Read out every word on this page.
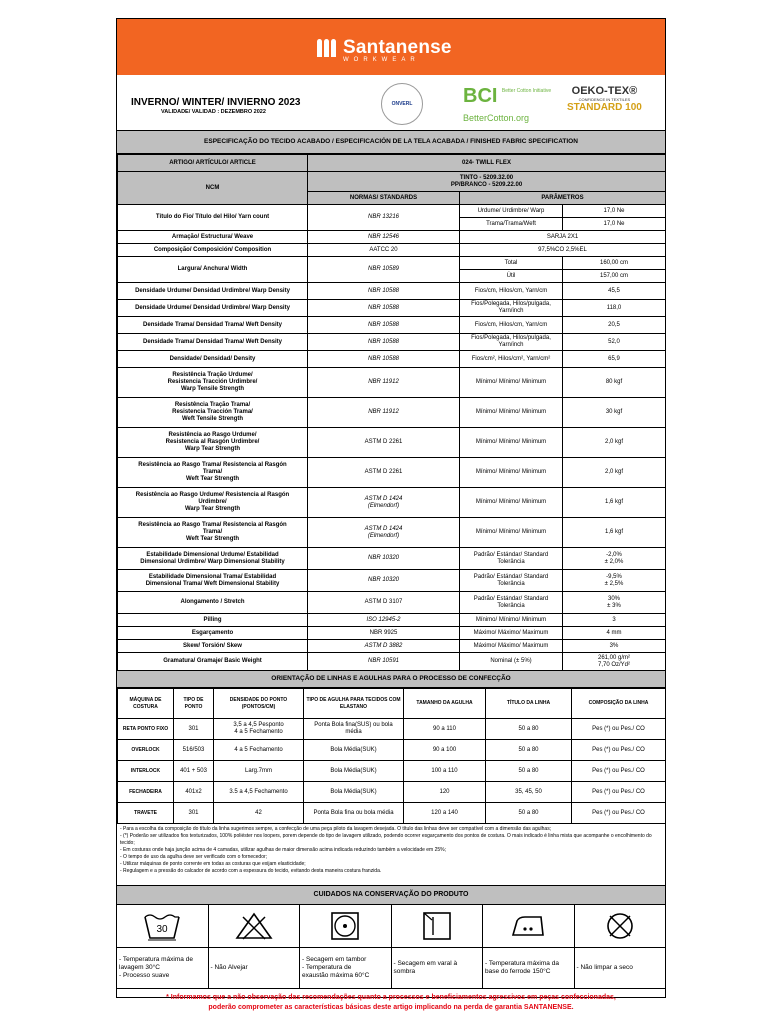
Santanense
WORKWEAR
INVERNO/ WINTER/ INVIERNO 2023
VALIDADE/ VALIDAD : DEZEMBRO 2022
ONVERL	BCI Better Cotton Initiative
BetterCotton.org
OEKO-TEX®
CONFIDENCE IN TEXTILES
STANDARD 100
ESPECIFICAÇÃO DO TECIDO ACABADO / ESPECIFICACIÓN DE LA TELA ACABADA / FINISHED FABRIC SPECIFICATION
ARTIGO/ ARTÍCULO/ ARTICLE	024- TWILL FLEX		
NCM	TINTO - 5209.32.00
PP/BRANCO - 5209.22.00		
	NORMAS/ STANDARDS	PARÂMETROS	
Título do Fio/ Título del Hilo/ Yarn count	NBR 13216	Urdume/ Urdimbre/ Warp	17,0 Ne
		Trama/Trama/Weft	17,0 Ne
Armação/ Estructura/ Weave	NBR 12546	SARJA 2X1	
Composição/ Composición/ Composition	AATCC 20	97,5%CO 2,5%EL	
Largura/ Anchura/ Width	NBR 10589	Total	160,00 cm
		Útil	157,00 cm
Densidade Urdume/ Densidad Urdimbre/ Warp Density	NBR 10588	Fios/cm, Hilos/cm, Yarn/cm	45,5
Densidade Urdume/ Densidad Urdimbre/ Warp Density	NBR 10588	Fios/Polegada, Hilos/pulgada, Yarn/inch	118,0
Densidade Trama/ Densidad Trama/ Weft Density	NBR 10588	Fios/cm, Hilos/cm, Yarn/cm	20,5
Densidade Trama/ Densidad Trama/ Weft Density	NBR 10588	Fios/Polegada, Hilos/pulgada, Yarn/inch	52,0
Densidade/ Densidad/ Density	NBR 10588	Fios/cm², Hilos/cm², Yarn/cm²	65,9
Resistência Tração Urdume/
Resistencia Tracción Urdimbre/
Warp Tensile Strength	NBR 11912	Mínimo/ Mínimo/ Minimum	80 kgf
Resistência Tração Trama/
Resistencia Tracción Trama/
Weft Tensile Strength	NBR 11912	Mínimo/ Mínimo/ Minimum	30 kgf
Resistência ao Rasgo Urdume/
Resistencia al Rasgón Urdimbre/
Warp Tear Strength	ASTM D 2261	Mínimo/ Mínimo/ Minimum	2,0 kgf
Resistência ao Rasgo Trama/ Resistencia al Rasgón
Trama/
Weft Tear Strength	ASTM D 2261	Mínimo/ Mínimo/ Minimum	2,0 kgf
Resistência ao Rasgo Urdume/ Resistencia al Rasgón
Urdimbre/
Warp Tear Strength	ASTM D 1424
(Elmendorf)	Mínimo/ Mínimo/ Minimum	1,6 kgf
Resistência ao Rasgo Trama/ Resistencia al Rasgón
Trama/
Weft Tear Strength	ASTM D 1424
(Elmendorf)	Mínimo/ Mínimo/ Minimum	1,6 kgf
Estabilidade Dimensional Urdume/ Estabilidad
Dimensional Urdimbre/ Warp Dimensional Stability	NBR 10320	Padrão/ Estándar/ Standard
Tolerância	-2,0%
± 2,0%
Estabilidade Dimensional Trama/ Estabilidad
Dimensional Trama/ Weft Dimensional Stability	NBR 10320	Padrão/ Estándar/ Standard
Tolerância	-9,5%
± 2,5%
Alongamento / Stretch	ASTM D 3107	Padrão/ Estándar/ Standard
Tolerância	30%
± 3%
Pilling	ISO 12945-2	Mínimo/ Mínimo/ Minimum	3
Esgarçamento	NBR 9925	Máximo/ Máximo/ Maximum	4 mm
Skew/ Torsión/ Skew	ASTM D 3882	Máximo/ Máximo/ Maximum	3%
Gramatura/ Gramaje/ Basic Weight	NBR 10591	Nominal (± 5%)	261,00 g/m²
7,70 Oz/Yd²
ORIENTAÇÃO DE LINHAS E AGULHAS PARA O PROCESSO DE CONFECÇÃO
MÁQUINA DE COSTURA	TIPO DE PONTO	DENSIDADE DO PONTO (PONTOS/CM)	TIPO DE AGULHA PARA TECIDOS COM ELASTANO	TAMANHO DA AGULHA	TÍTULO DA LINHA	COMPOSIÇÃO DA LINHA
RETA PONTO FIXO	301	3,5 a 4,5 Pesponto
4 a 5 Fechamento	Ponta Bola fina(SUS) ou bola média	90 a 110	50 a 80	Pes (*) ou Pes./ CO
OVERLOCK	516/503	4 a 5 Fechamento	Bola Média(SUK)	90 a 100	50 a 80	Pes (*) ou Pes./ CO
INTERLOCK	401 + 503	Larg.7mm	Bola Média(SUK)	100 a 110	50 a 80	Pes (*) ou Pes./ CO
FECHADEIRA	401x2	3.5 a 4,5 Fechamento	Bola Média(SUK)	120	35, 45, 50	Pes (*) ou Pes./ CO
TRAVETE	301	42	Ponta Bola fina ou bola média	120 a 140	50 a 80	Pes (*) ou Pes./ CO
- Para a escolha da composição do título da linha sugerimos sempre, a confecção de uma peça piloto da lavagem desejada. O título das linhas deve ser compatível com a dimensão das agulhas;
- (*) Poderão ser utilizados fios texturizados, 100% poliéster nos loopers, porem depende do tipo de lavagem utilizado, podendo ocorrer esgarçamento dos pontos de costura. O mais indicado é linha mista que acompanhe o encolhimento do tecido;
- Em costuras onde haja junção acima de 4 camadas, utilizar agulhas de maior dimensão acima indicada reduzindo também a velocidade em 25%;
- O tempo de uso da agulha deve ser verificado com o fornecedor;
- Utilizar máquinas de ponto corrente em todas as costuras que exijam elasticidade;
- Regulagem e a pressão do calcador de acordo com a espessura do tecido, evitando desta maneira costura franzida.
CUIDADOS NA CONSERVAÇÃO DO PRODUTO
30
- Temperatura máxima de
lavagem 30°C
- Processo suave
- Não Alvejar
- Secagem em tambor
- Temperatura de
exaustão máxima 60°C
- Secagem em varal à
sombra
- Temperatura máxima da
base do ferrode 150°C
- Não limpar a seco
* Informamos que a não observação das recomendações quanto a processos e beneficiamentos agressivos em peças confeccionadas,
poderão comprometer as características básicas deste artigo implicando na perda de garantia SANTANENSE.
